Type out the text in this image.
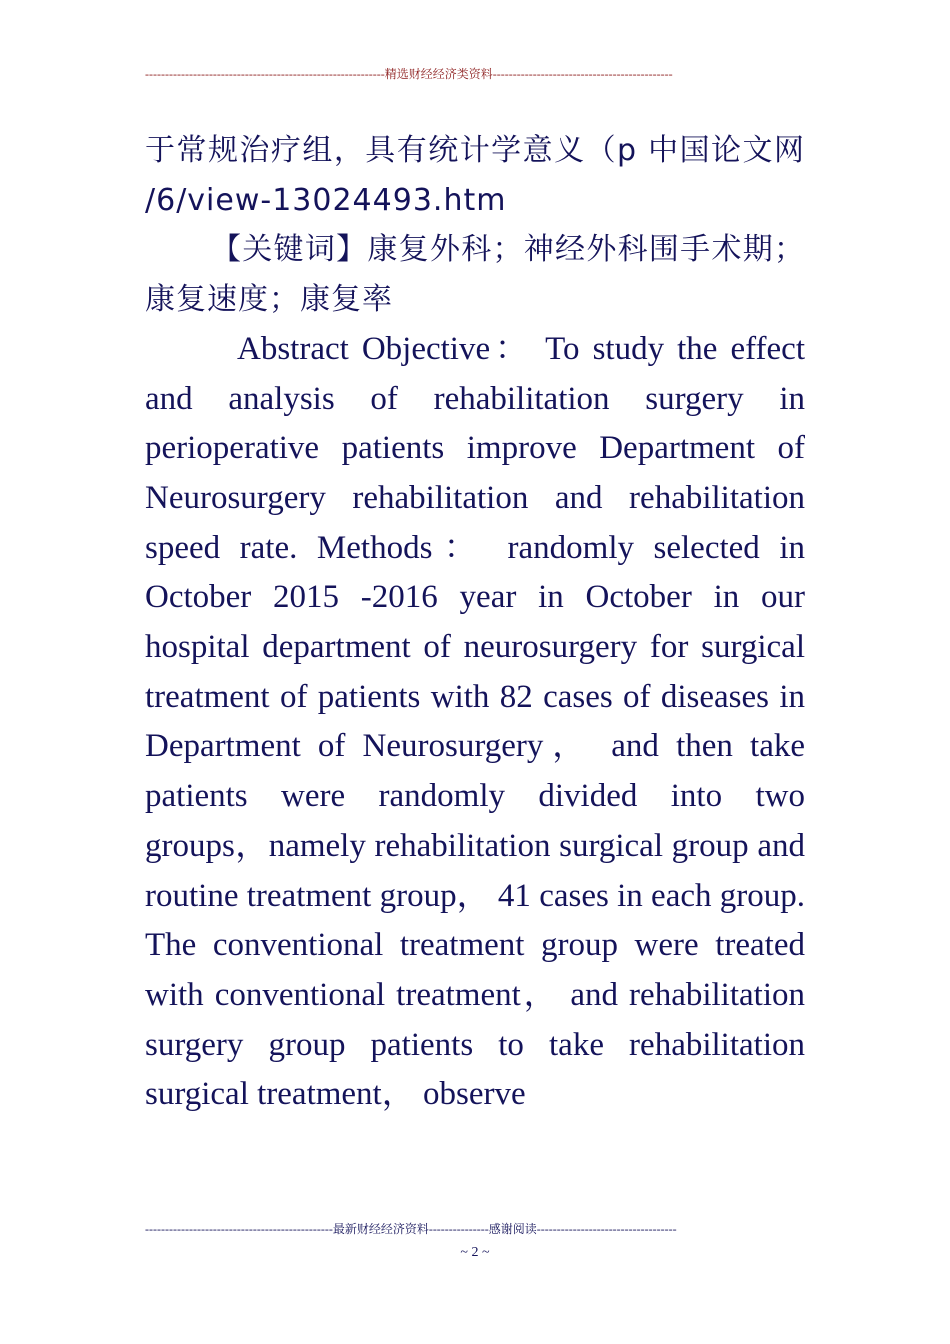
------------------------------------------------------------精选财经经济类资料---------------------------------------------

于常规治疗组，具有统计学意义（p 中国论文网 /6/view-13024493.htm

【关键词】康复外科；神经外科围手术期；康复速度；康复率

Abstract Objective： To study the effect and analysis of rehabilitation surgery in perioperative patients improve Department of Neurosurgery rehabilitation and rehabilitation speed rate. Methods： randomly selected in October 2015 -2016 year in October in our hospital department of neurosurgery for surgical treatment of patients with 82 cases of diseases in Department of Neurosurgery， and then take patients were randomly divided into two groups，namely rehabilitation surgical group and routine treatment group， 41 cases in each group. The conventional treatment group were treated with conventional treatment， and rehabilitation surgery group patients to take rehabilitation surgical treatment， observe

-----------------------------------------------最新财经经济资料---------------感谢阅读-----------------------------------
~ 2 ~
